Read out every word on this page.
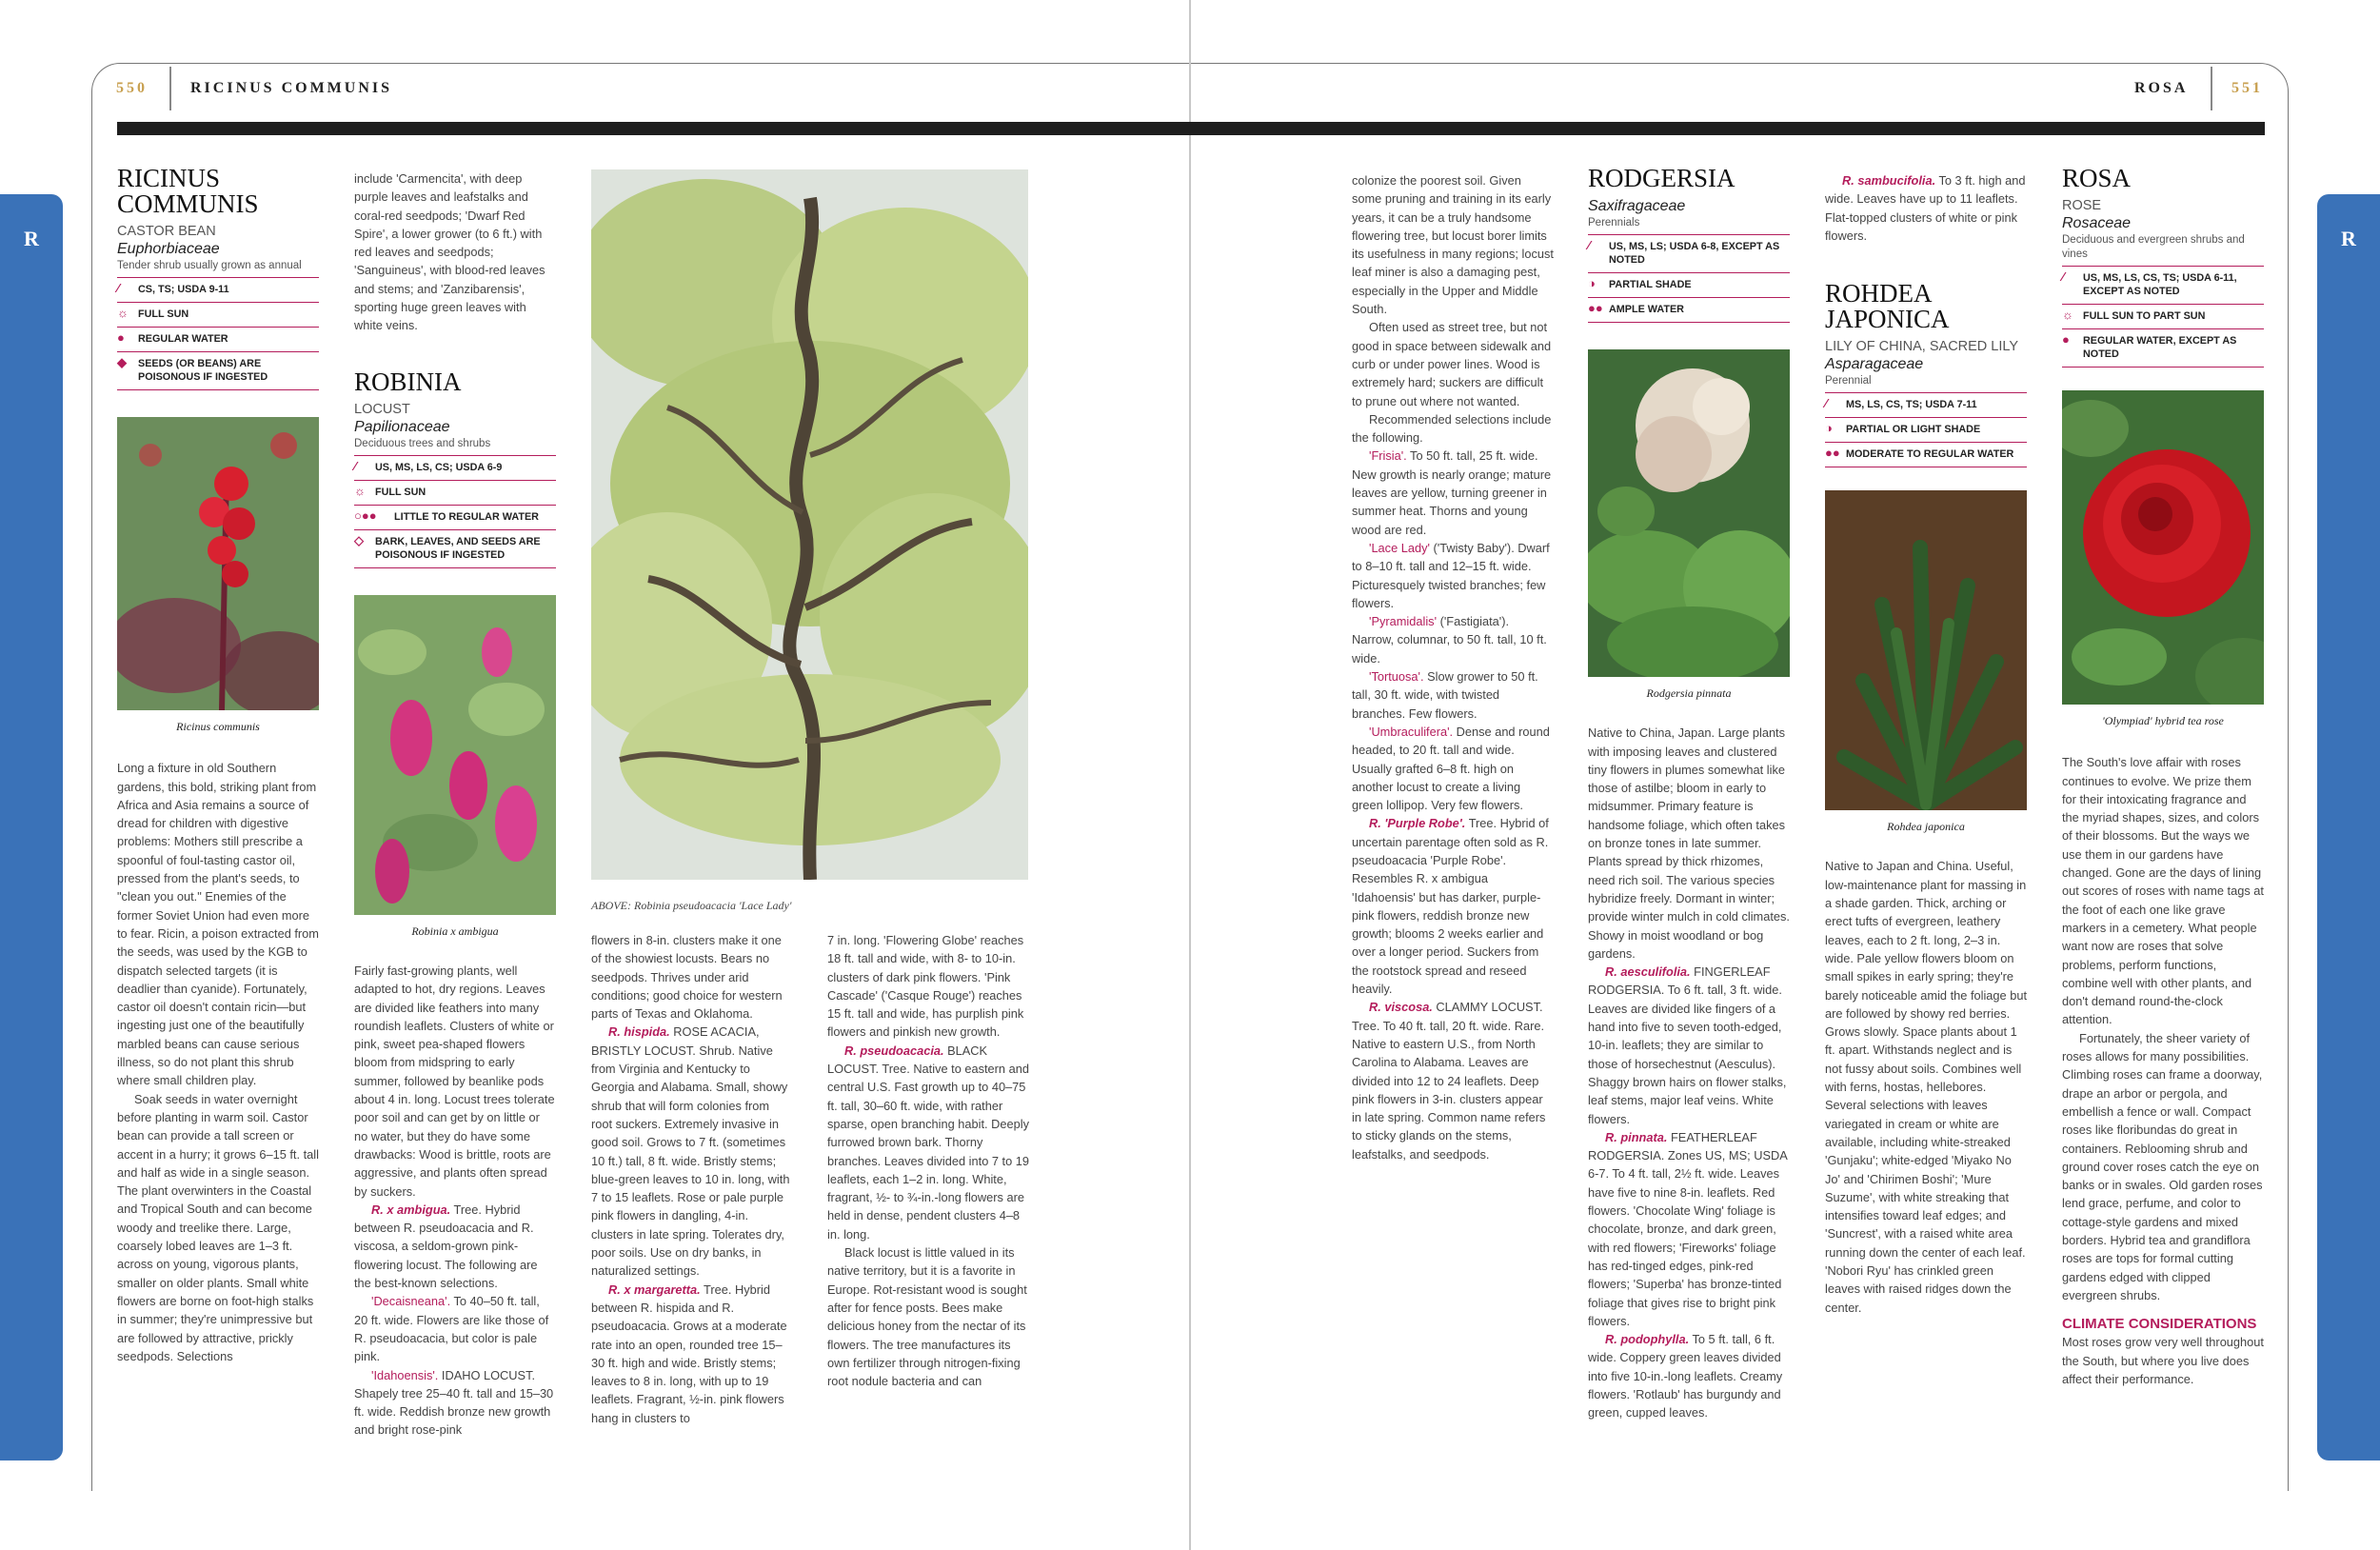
R	R
550	RICINUS COMMUNIS	ROSA	551
RICINUS COMMUNIS
CASTOR BEAN
Euphorbiaceae
Tender shrub usually grown as annual
⁄	CS, TS; USDA 9-11
☼ FULL SUN
●	REGULAR WATER
◆	SEEDS (OR BEANS) ARE POISONOUS IF INGESTED
Ricinus communis

Long a fixture in old Southern gardens, this bold, striking plant from Africa and Asia remains a source of dread for children with digestive problems: Mothers still prescribe a spoonful of foul-tasting castor oil, pressed from the plant's seeds, to "clean you out." Enemies of the former Soviet Union had even more to fear. Ricin, a poison extracted from the seeds, was used by the KGB to dispatch selected targets (it is deadlier than cyanide). Fortunately, castor oil doesn't contain ricin—but ingesting just one of the beautifully marbled beans can cause serious illness, so do not plant this shrub where small children play.

Soak seeds in water overnight before planting in warm soil. Castor bean can provide a tall screen or accent in a hurry; it grows 6–15 ft. tall and half as wide in a single season. The plant overwinters in the Coastal and Tropical South and can become woody and treelike there. Large, coarsely lobed leaves are 1–3 ft. across on young, vigorous plants, smaller on older plants. Small white flowers are borne on foot-high stalks in summer; they're unimpressive but are followed by attractive, prickly seedpods. Selections

include 'Carmencita', with deep purple leaves and leafstalks and coral-red seedpods; 'Dwarf Red Spire', a lower grower (to 6 ft.) with red leaves and seedpods; 'Sanguineus', with blood-red leaves and stems; and 'Zanzibarensis', sporting huge green leaves with white veins.

ROBINIA
LOCUST
Papilionaceae
Deciduous trees and shrubs
⁄	US, MS, LS, CS; USDA 6-9
☼ FULL SUN
○●● LITTLE TO REGULAR WATER
◇	BARK, LEAVES, AND SEEDS ARE POISONOUS IF INGESTED
Robinia x ambigua

Fairly fast-growing plants, well adapted to hot, dry regions. Leaves are divided like feathers into many roundish leaflets. Clusters of white or pink, sweet pea-shaped flowers bloom from midspring to early summer, followed by beanlike pods about 4 in. long. Locust trees tolerate poor soil and can get by on little or no water, but they do have some drawbacks: Wood is brittle, roots are aggressive, and plants often spread by suckers.

R. x ambigua. Tree. Hybrid between R. pseudoacacia and R. viscosa, a seldom-grown pink-flowering locust. The following are the best-known selections.

'Decaisneana'. To 40–50 ft. tall, 20 ft. wide. Flowers are like those of R. pseudoacacia, but color is pale pink.

'Idahoensis'. IDAHO LOCUST. Shapely tree 25–40 ft. tall and 15–30 ft. wide. Reddish bronze new growth and bright rose-pink

ABOVE: Robinia pseudoacacia 'Lace Lady'

flowers in 8-in. clusters make it one of the showiest locusts. Bears no seedpods. Thrives under arid conditions; good choice for western parts of Texas and Oklahoma.

R. hispida. ROSE ACACIA, BRISTLY LOCUST. Shrub. Native from Virginia and Kentucky to Georgia and Alabama. Small, showy shrub that will form colonies from root suckers. Extremely invasive in good soil. Grows to 7 ft. (sometimes 10 ft.) tall, 8 ft. wide. Bristly stems; blue-green leaves to 10 in. long, with 7 to 15 leaflets. Rose or pale purple pink flowers in dangling, 4-in. clusters in late spring. Tolerates dry, poor soils. Use on dry banks, in naturalized settings.

R. x margaretta. Tree. Hybrid between R. hispida and R. pseudoacacia. Grows at a moderate rate into an open, rounded tree 15–30 ft. high and wide. Bristly stems; leaves to 8 in. long, with up to 19 leaflets. Fragrant, ½-in. pink flowers hang in clusters to

7 in. long. 'Flowering Globe' reaches 18 ft. tall and wide, with 8- to 10-in. clusters of dark pink flowers. 'Pink Cascade' ('Casque Rouge') reaches 15 ft. tall and wide, has purplish pink flowers and pinkish new growth.

R. pseudoacacia. BLACK LOCUST. Tree. Native to eastern and central U.S. Fast growth up to 40–75 ft. tall, 30–60 ft. wide, with rather sparse, open branching habit. Deeply furrowed brown bark. Thorny branches. Leaves divided into 7 to 19 leaflets, each 1–2 in. long. White, fragrant, ½- to ¾-in.-long flowers are held in dense, pendent clusters 4–8 in. long.

Black locust is little valued in its native territory, but it is a favorite in Europe. Rot-resistant wood is sought after for fence posts. Bees make delicious honey from the nectar of its flowers. The tree manufactures its own fertilizer through nitrogen-fixing root nodule bacteria and can

colonize the poorest soil. Given some pruning and training in its early years, it can be a truly handsome flowering tree, but locust borer limits its usefulness in many regions; locust leaf miner is also a damaging pest, especially in the Upper and Middle South.

Often used as street tree, but not good in space between sidewalk and curb or under power lines. Wood is extremely hard; suckers are difficult to prune out where not wanted.

Recommended selections include the following.

'Frisia'. To 50 ft. tall, 25 ft. wide. New growth is nearly orange; mature leaves are yellow, turning greener in summer heat. Thorns and young wood are red.

'Lace Lady' ('Twisty Baby'). Dwarf to 8–10 ft. tall and 12–15 ft. wide. Picturesquely twisted branches; few flowers.

'Pyramidalis' ('Fastigiata'). Narrow, columnar, to 50 ft. tall, 10 ft. wide.

'Tortuosa'. Slow grower to 50 ft. tall, 30 ft. wide, with twisted branches. Few flowers.

'Umbraculifera'. Dense and round headed, to 20 ft. tall and wide. Usually grafted 6–8 ft. high on another locust to create a living green lollipop. Very few flowers.

R. 'Purple Robe'. Tree. Hybrid of uncertain parentage often sold as R. pseudoacacia 'Purple Robe'. Resembles R. x ambigua 'Idahoensis' but has darker, purple-pink flowers, reddish bronze new growth; blooms 2 weeks earlier and over a longer period. Suckers from the rootstock spread and reseed heavily.

R. viscosa. CLAMMY LOCUST. Tree. To 40 ft. tall, 20 ft. wide. Rare. Native to eastern U.S., from North Carolina to Alabama. Leaves are divided into 12 to 24 leaflets. Deep pink flowers in 3-in. clusters appear in late spring. Common name refers to sticky glands on the stems, leafstalks, and seedpods.

RODGERSIA
Saxifragaceae
Perennials
⁄	US, MS, LS; USDA 6-8, EXCEPT AS NOTED
◑	PARTIAL SHADE
●● AMPLE WATER
Rodgersia pinnata

Native to China, Japan. Large plants with imposing leaves and clustered tiny flowers in plumes somewhat like those of astilbe; bloom in early to midsummer. Primary feature is handsome foliage, which often takes on bronze tones in late summer. Plants spread by thick rhizomes, need rich soil. The various species hybridize freely. Dormant in winter; provide winter mulch in cold climates. Showy in moist woodland or bog gardens.

R. aesculifolia. FINGERLEAF RODGERSIA. To 6 ft. tall, 3 ft. wide. Leaves are divided like fingers of a hand into five to seven tooth-edged, 10-in. leaflets; they are similar to those of horsechestnut (Aesculus). Shaggy brown hairs on flower stalks, leaf stems, major leaf veins. White flowers.

R. pinnata. FEATHERLEAF RODGERSIA. Zones US, MS; USDA 6-7. To 4 ft. tall, 2½ ft. wide. Leaves have five to nine 8-in. leaflets. Red flowers. 'Chocolate Wing' foliage is chocolate, bronze, and dark green, with red flowers; 'Fireworks' foliage has red-tinged edges, pink-red flowers; 'Superba' has bronze-tinted foliage that gives rise to bright pink flowers.

R. podophylla. To 5 ft. tall, 6 ft. wide. Coppery green leaves divided into five 10-in.-long leaflets. Creamy flowers. 'Rotlaub' has burgundy and green, cupped leaves.

R. sambucifolia. To 3 ft. high and wide. Leaves have up to 11 leaflets. Flat-topped clusters of white or pink flowers.

ROHDEA JAPONICA
LILY OF CHINA, SACRED LILY
Asparagaceae
Perennial
⁄	MS, LS, CS, TS; USDA 7-11
◑	PARTIAL OR LIGHT SHADE
●● MODERATE TO REGULAR WATER
Rohdea japonica

Native to Japan and China. Useful, low-maintenance plant for massing in a shade garden. Thick, arching or erect tufts of evergreen, leathery leaves, each to 2 ft. long, 2–3 in. wide. Pale yellow flowers bloom on small spikes in early spring; they're barely noticeable amid the foliage but are followed by showy red berries. Grows slowly. Space plants about 1 ft. apart. Withstands neglect and is not fussy about soils. Combines well with ferns, hostas, hellebores. Several selections with leaves variegated in cream or white are available, including white-streaked 'Gunjaku'; white-edged 'Miyako No Jo' and 'Chirimen Boshi'; 'Mure Suzume', with white streaking that intensifies toward leaf edges; and 'Suncrest', with a raised white area running down the center of each leaf. 'Nobori Ryu' has crinkled green leaves with raised ridges down the center.

ROSA
ROSE
Rosaceae
Deciduous and evergreen shrubs and vines
⁄	US, MS, LS, CS, TS; USDA 6-11, EXCEPT AS NOTED
☼ FULL SUN TO PART SUN
●	REGULAR WATER, EXCEPT AS NOTED
'Olympiad' hybrid tea rose

The South's love affair with roses continues to evolve. We prize them for their intoxicating fragrance and the myriad shapes, sizes, and colors of their blossoms. But the ways we use them in our gardens have changed. Gone are the days of lining out scores of roses with name tags at the foot of each one like grave markers in a cemetery. What people want now are roses that solve problems, perform functions, combine well with other plants, and don't demand round-the-clock attention.

Fortunately, the sheer variety of roses allows for many possibilities. Climbing roses can frame a doorway, drape an arbor or pergola, and embellish a fence or wall. Compact roses like floribundas do great in containers. Reblooming shrub and ground cover roses catch the eye on banks or in swales. Old garden roses lend grace, perfume, and color to cottage-style gardens and mixed borders. Hybrid tea and grandiflora roses are tops for formal cutting gardens edged with clipped evergreen shrubs.

CLIMATE CONSIDERATIONS

Most roses grow very well throughout the South, but where you live does affect their performance.
